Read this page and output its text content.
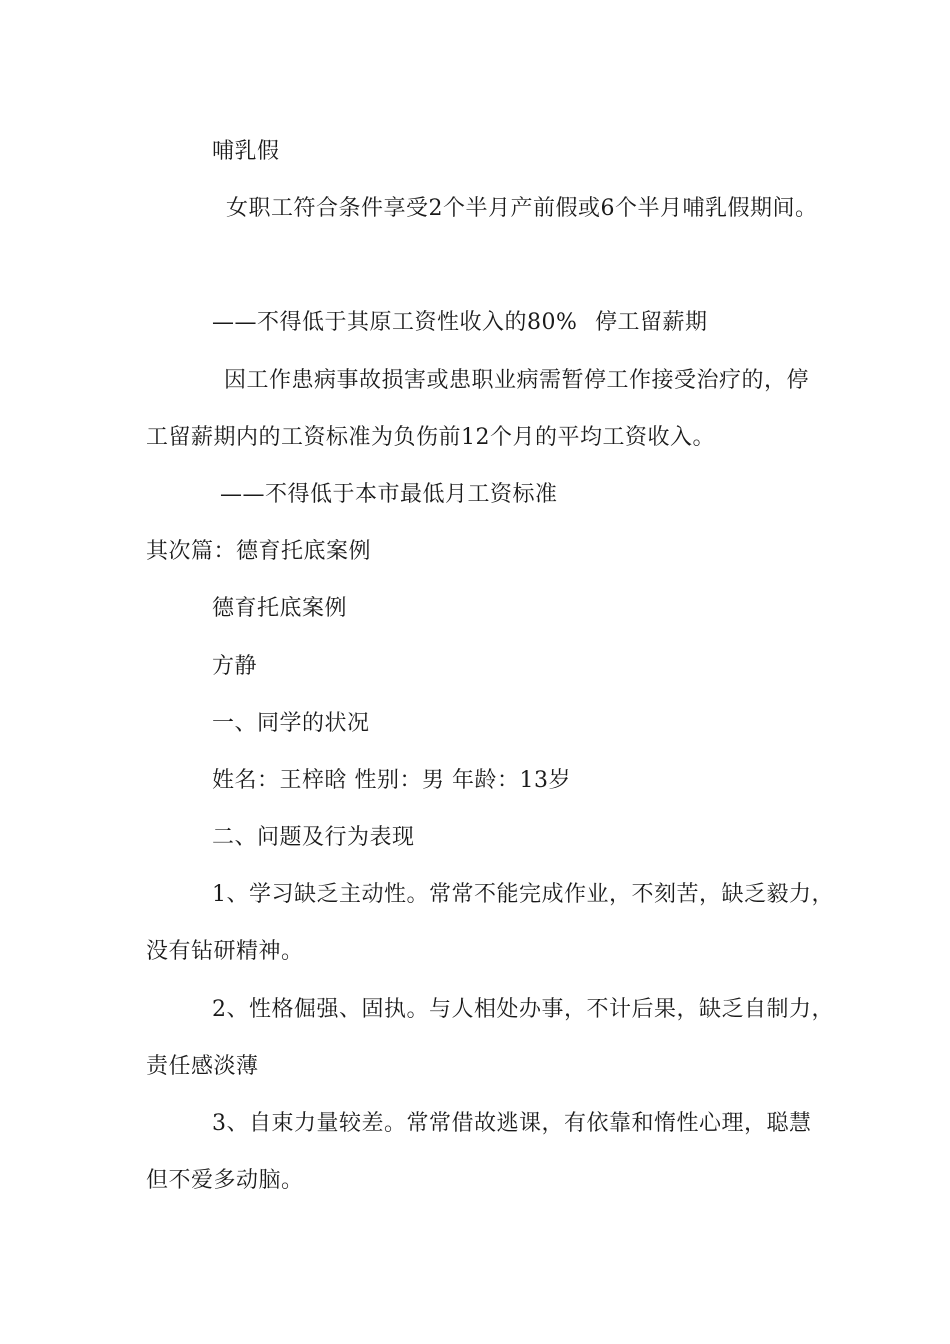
哺乳假
女职工符合条件享受2个半月产前假或6个半月哺乳假期间。
——不得低于其原工资性收入的80% 停工留薪期
因工作患病事故损害或患职业病需暂停工作接受治疗的，停
工留薪期内的工资标准为负伤前12个月的平均工资收入。
——不得低于本市最低月工资标准
其次篇：德育托底案例
德育托底案例
方静
一、同学的状况
姓名：王梓晗 性别：男 年龄：13岁
二、问题及行为表现
1、学习缺乏主动性。常常不能完成作业，不刻苦，缺乏毅力，
没有钻研精神。
2、性格倔强、固执。与人相处办事，不计后果，缺乏自制力，
责任感淡薄
3、自束力量较差。常常借故逃课，有依靠和惰性心理，聪慧
但不爱多动脑。
